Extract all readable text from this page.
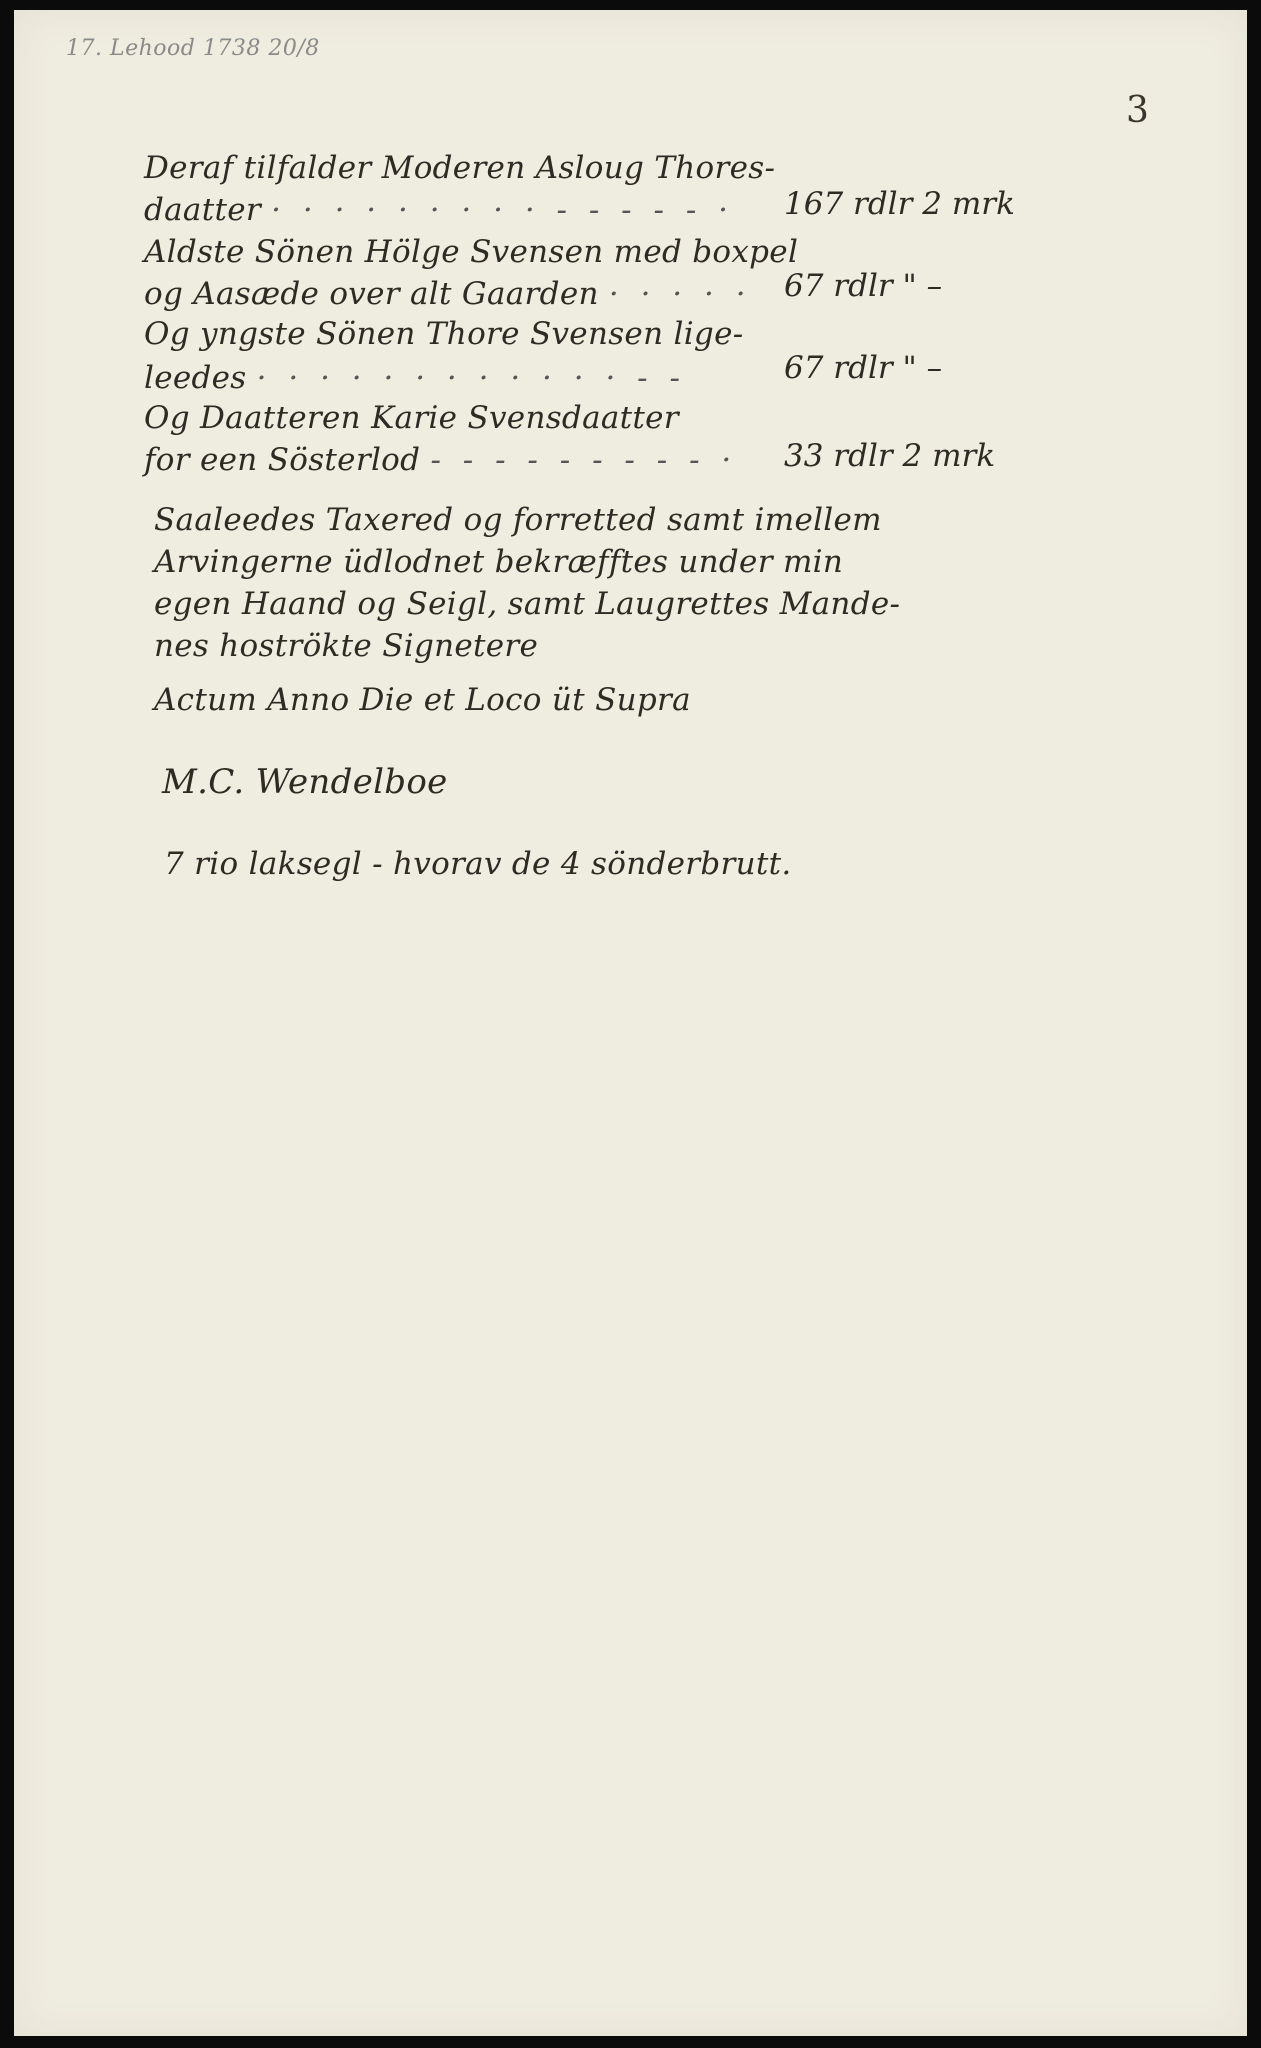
17. Lehood 1738 20/8
3
Deraf tilfalder Moderen Asloug Thores-
daatter · · · · · · · · · - - - - - · 167 rdlr 2 mrk
Aldste Sönen Hölge Svensen med boxpel
og Aasæde over alt Gaarden · · · · · 67 rdlr " –
Og yngste Sönen Thore Svensen lige-
leedes · · · · · · · · · · · · - -	67 rdlr " –
Og Daatteren Karie Svensdaatter
for een Sösterlod - - - - - - - - - · 33 rdlr 2 mrk
Saaleedes Taxered og forretted samt imellem
Arvingerne üdlodnet bekræfftes under min
egen Haand og Seigl, samt Laugrettes Mande-
nes hoströkte Signetere
Actum Anno Die et Loco üt Supra
M.C. Wendelboe
7 rio laksegl - hvorav de 4 sönderbrutt.
